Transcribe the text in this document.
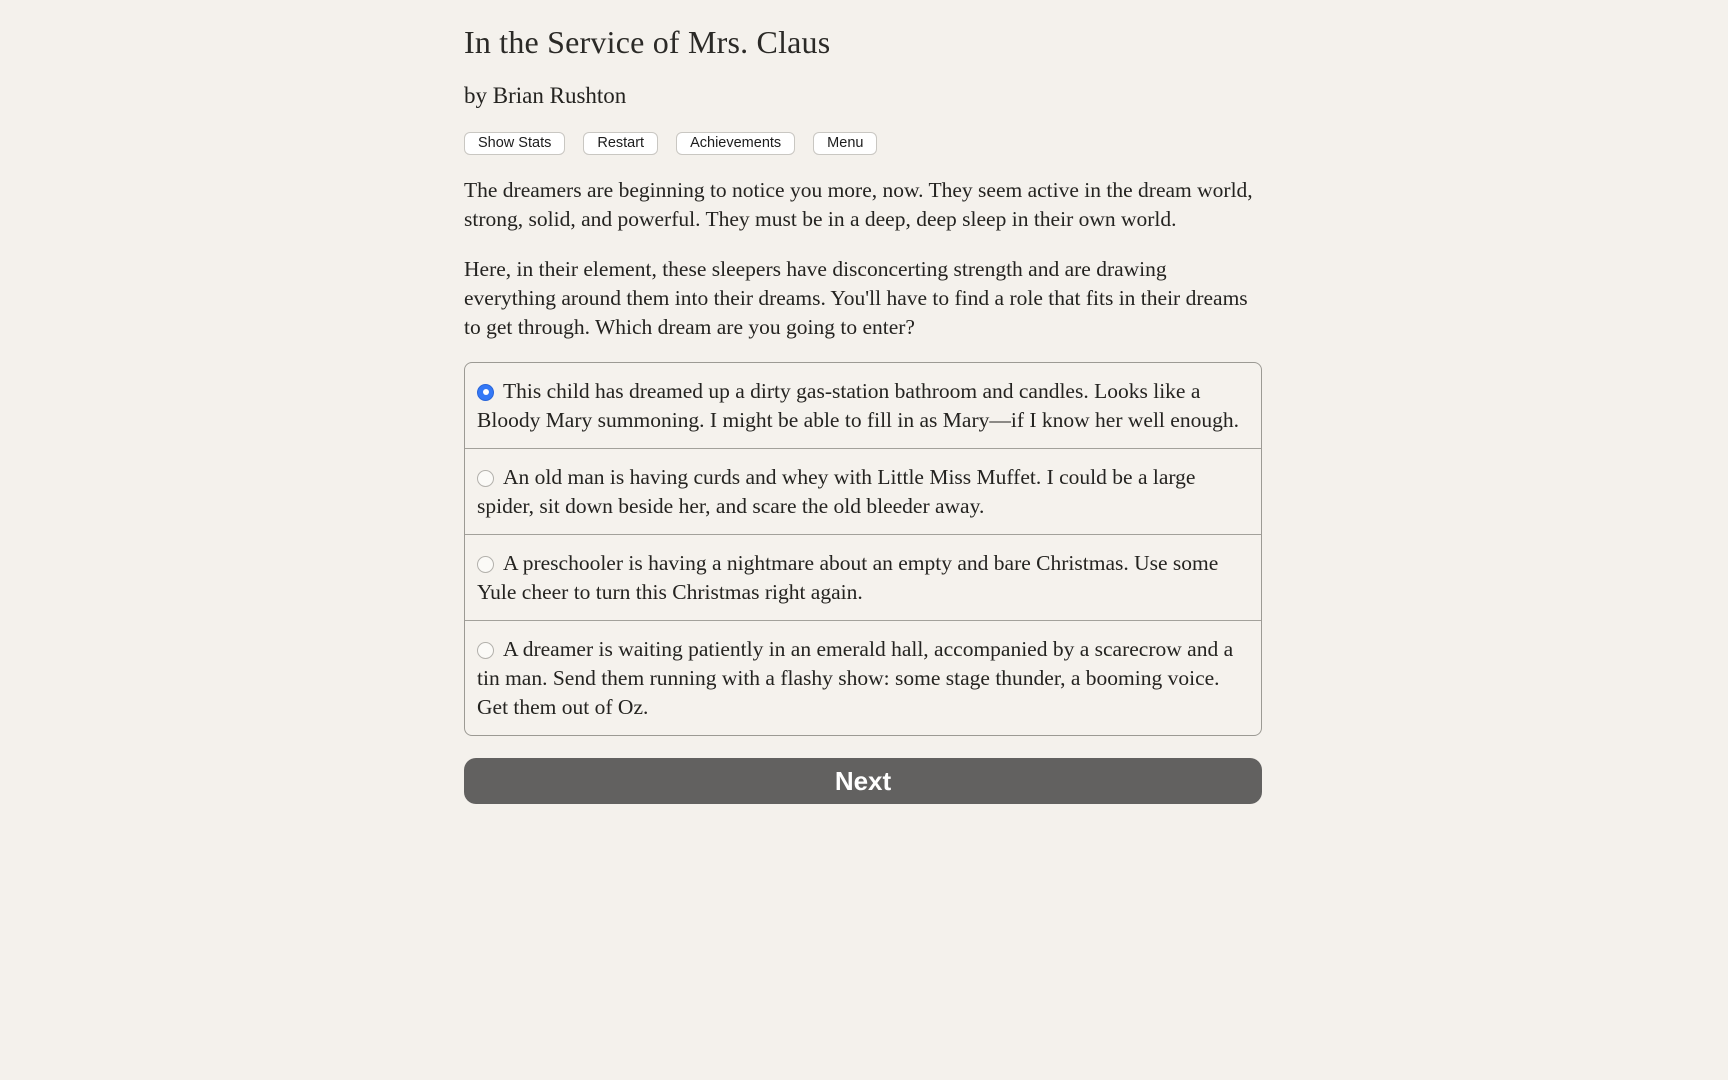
In the Service of Mrs. Claus
by Brian Rushton
Show Stats	Restart	Achievements	Menu

The dreamers are beginning to notice you more, now. They seem active in the dream world, strong, solid, and powerful. They must be in a deep, deep sleep in their own world.

Here, in their element, these sleepers have disconcerting strength and are drawing everything around them into their dreams. You'll have to find a role that fits in their dreams to get through. Which dream are you going to enter?

This child has dreamed up a dirty gas-station bathroom and candles. Looks like a Bloody Mary summoning. I might be able to fill in as Mary—if I know her well enough.
An old man is having curds and whey with Little Miss Muffet. I could be a large spider, sit down beside her, and scare the old bleeder away.
A preschooler is having a nightmare about an empty and bare Christmas. Use some Yule cheer to turn this Christmas right again.
A dreamer is waiting patiently in an emerald hall, accompanied by a scarecrow and a tin man. Send them running with a flashy show: some stage thunder, a booming voice. Get them out of Oz.
Next
